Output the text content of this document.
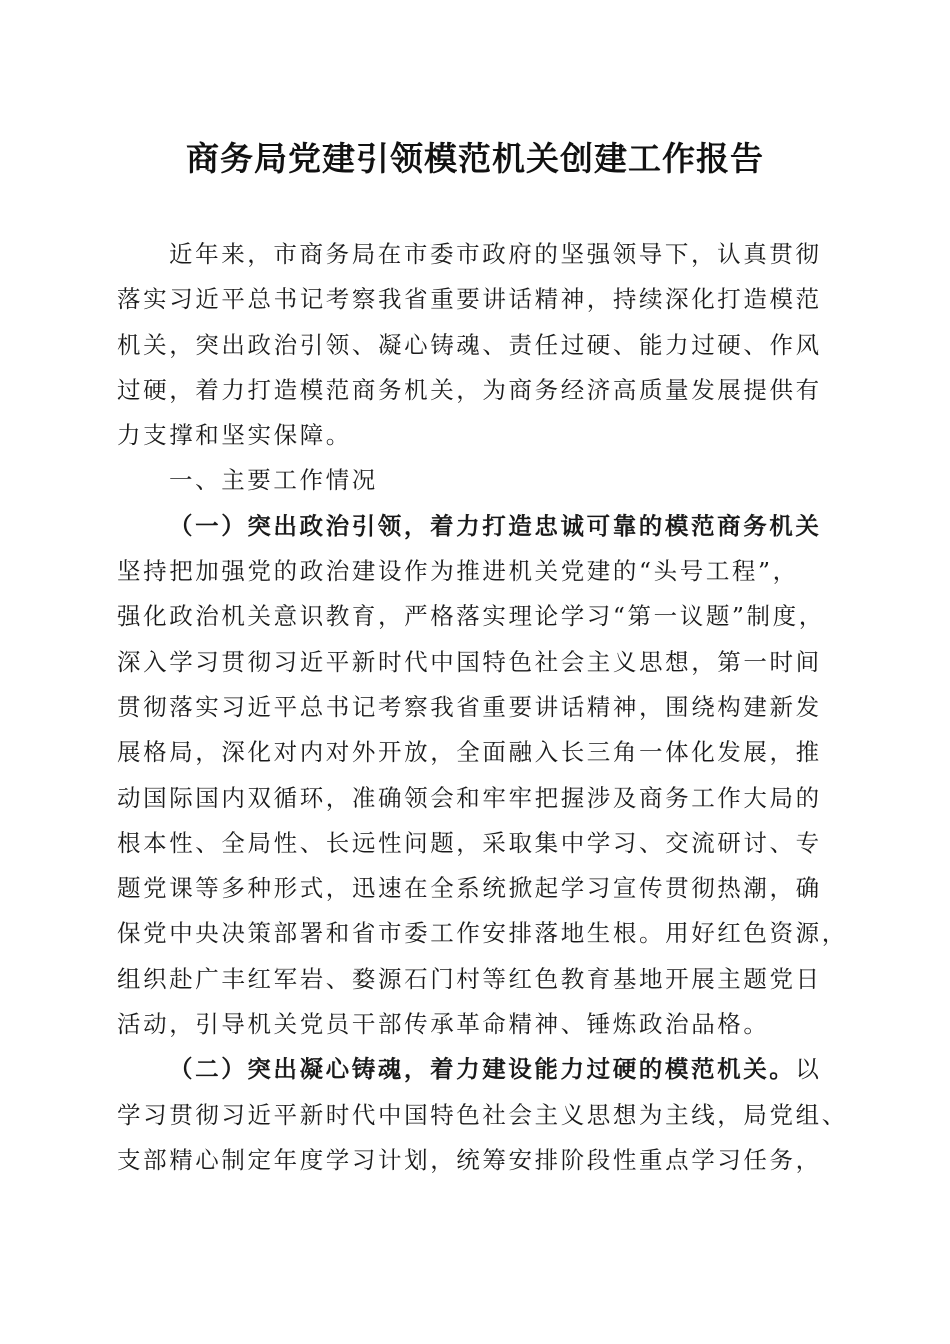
商务局党建引领模范机关创建工作报告
近年来，市商务局在市委市政府的坚强领导下，认真贯彻
落实习近平总书记考察我省重要讲话精神，持续深化打造模范
机关，突出政治引领、凝心铸魂、责任过硬、能力过硬、作风
过硬，着力打造模范商务机关，为商务经济高质量发展提供有
力支撑和坚实保障。
一、主要工作情况
（一）突出政治引领，着力打造忠诚可靠的模范商务机关
坚持把加强党的政治建设作为推进机关党建的“头号工程”，
强化政治机关意识教育，严格落实理论学习“第一议题”制度，
深入学习贯彻习近平新时代中国特色社会主义思想，第一时间
贯彻落实习近平总书记考察我省重要讲话精神，围绕构建新发
展格局，深化对内对外开放，全面融入长三角一体化发展，推
动国际国内双循环，准确领会和牢牢把握涉及商务工作大局的
根本性、全局性、长远性问题，采取集中学习、交流研讨、专
题党课等多种形式，迅速在全系统掀起学习宣传贯彻热潮，确
保党中央决策部署和省市委工作安排落地生根。用好红色资源，
组织赴广丰红军岩、婺源石门村等红色教育基地开展主题党日
活动，引导机关党员干部传承革命精神、锤炼政治品格。
（二）突出凝心铸魂，着力建设能力过硬的模范机关。以
学习贯彻习近平新时代中国特色社会主义思想为主线，局党组、
支部精心制定年度学习计划，统筹安排阶段性重点学习任务，
